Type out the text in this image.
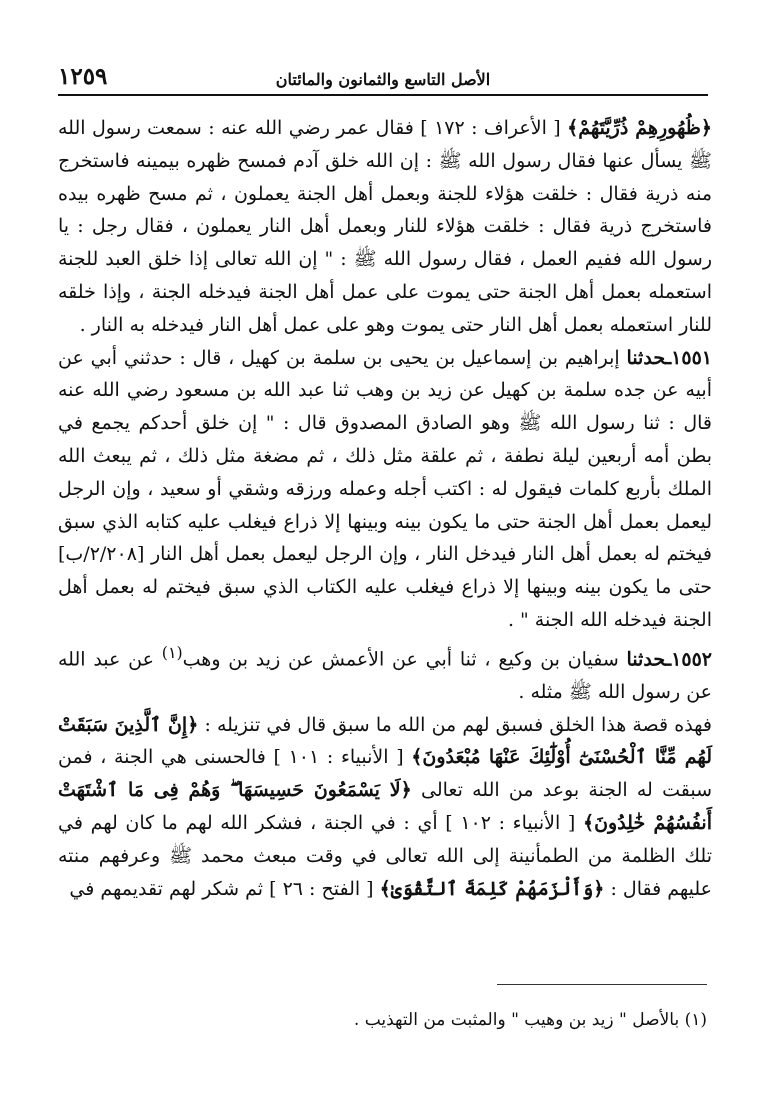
١٢٥٩	الأصل التاسع والثمانون والمائتان

﴿ظُهُورِهِمْ ذُرِّيَّتَهُمْ﴾ [ الأعراف : ١٧٢ ] فقال عمر رضي الله عنه : سمعت رسول الله ﷺ يسأل عنها فقال رسول الله ﷺ : إن الله خلق آدم فمسح ظهره بيمينه فاستخرج منه ذرية فقال : خلقت هؤلاء للجنة وبعمل أهل الجنة يعملون ، ثم مسح ظهره بيده فاستخرج ذرية فقال : خلقت هؤلاء للنار وبعمل أهل النار يعملون ، فقال رجل : يا رسول الله ففيم العمل ، فقال رسول الله ﷺ : " إن الله تعالى إذا خلق العبد للجنة استعمله بعمل أهل الجنة حتى يموت على عمل أهل الجنة فيدخله الجنة ، وإذا خلقه للنار استعمله بعمل أهل النار حتى يموت وهو على عمل أهل النار فيدخله به النار .

١٥٥١ـحدثنا إبراهيم بن إسماعيل بن يحيى بن سلمة بن كهيل ، قال : حدثني أبي عن أبيه عن جده سلمة بن كهيل عن زيد بن وهب ثنا عبد الله بن مسعود رضي الله عنه قال : ثنا رسول الله ﷺ وهو الصادق المصدوق قال : " إن خلق أحدكم يجمع في بطن أمه أربعين ليلة نطفة ، ثم علقة مثل ذلك ، ثم مضغة مثل ذلك ، ثم يبعث الله الملك بأربع كلمات فيقول له : اكتب أجله وعمله ورزقه وشقي أو سعيد ، وإن الرجل ليعمل بعمل أهل الجنة حتى ما يكون بينه وبينها إلا ذراع فيغلب عليه كتابه الذي سبق فيختم له بعمل أهل النار فيدخل النار ، وإن الرجل ليعمل بعمل أهل النار [٢/٢٠٨/ب] حتى ما يكون بينه وبينها إلا ذراع فيغلب عليه الكتاب الذي سبق فيختم له بعمل أهل الجنة فيدخله الله الجنة " .

١٥٥٢ـحدثنا سفيان بن وكيع ، ثنا أبي عن الأعمش عن زيد بن وهب$^{(١)}$ عن عبد الله عن رسول الله ﷺ مثله .

فهذه قصة هذا الخلق فسبق لهم من الله ما سبق قال في تنزيله : ﴿إِنَّ ٱلَّذِينَ سَبَقَتْ لَهُم مِّنَّا ٱلْحُسْنَىٰٓ أُوْلَٰٓئِكَ عَنْهَا مُبْعَدُونَ﴾ [ الأنبياء : ١٠١ ] فالحسنى هي الجنة ، فمن سبقت له الجنة بوعد من الله تعالى ﴿لَا يَسْمَعُونَ حَسِيسَهَا ۖ وَهُمْ فِى مَا ٱشْتَهَتْ أَنفُسُهُمْ خَٰلِدُونَ﴾ [ الأنبياء : ١٠٢ ] أي : في الجنة ، فشكر الله لهم ما كان لهم في تلك الظلمة من الطمأنينة إلى الله تعالى في وقت مبعث محمد ﷺ وعرفهم منته عليهم فقال : ﴿وَأَلْزَمَهُمْ كَلِمَةَ ٱلتَّقْوَىٰ﴾ [ الفتح : ٢٦ ] ثم شكر لهم تقديمهم في

(١) بالأصل " زيد بن وهيب " والمثبت من التهذيب .
